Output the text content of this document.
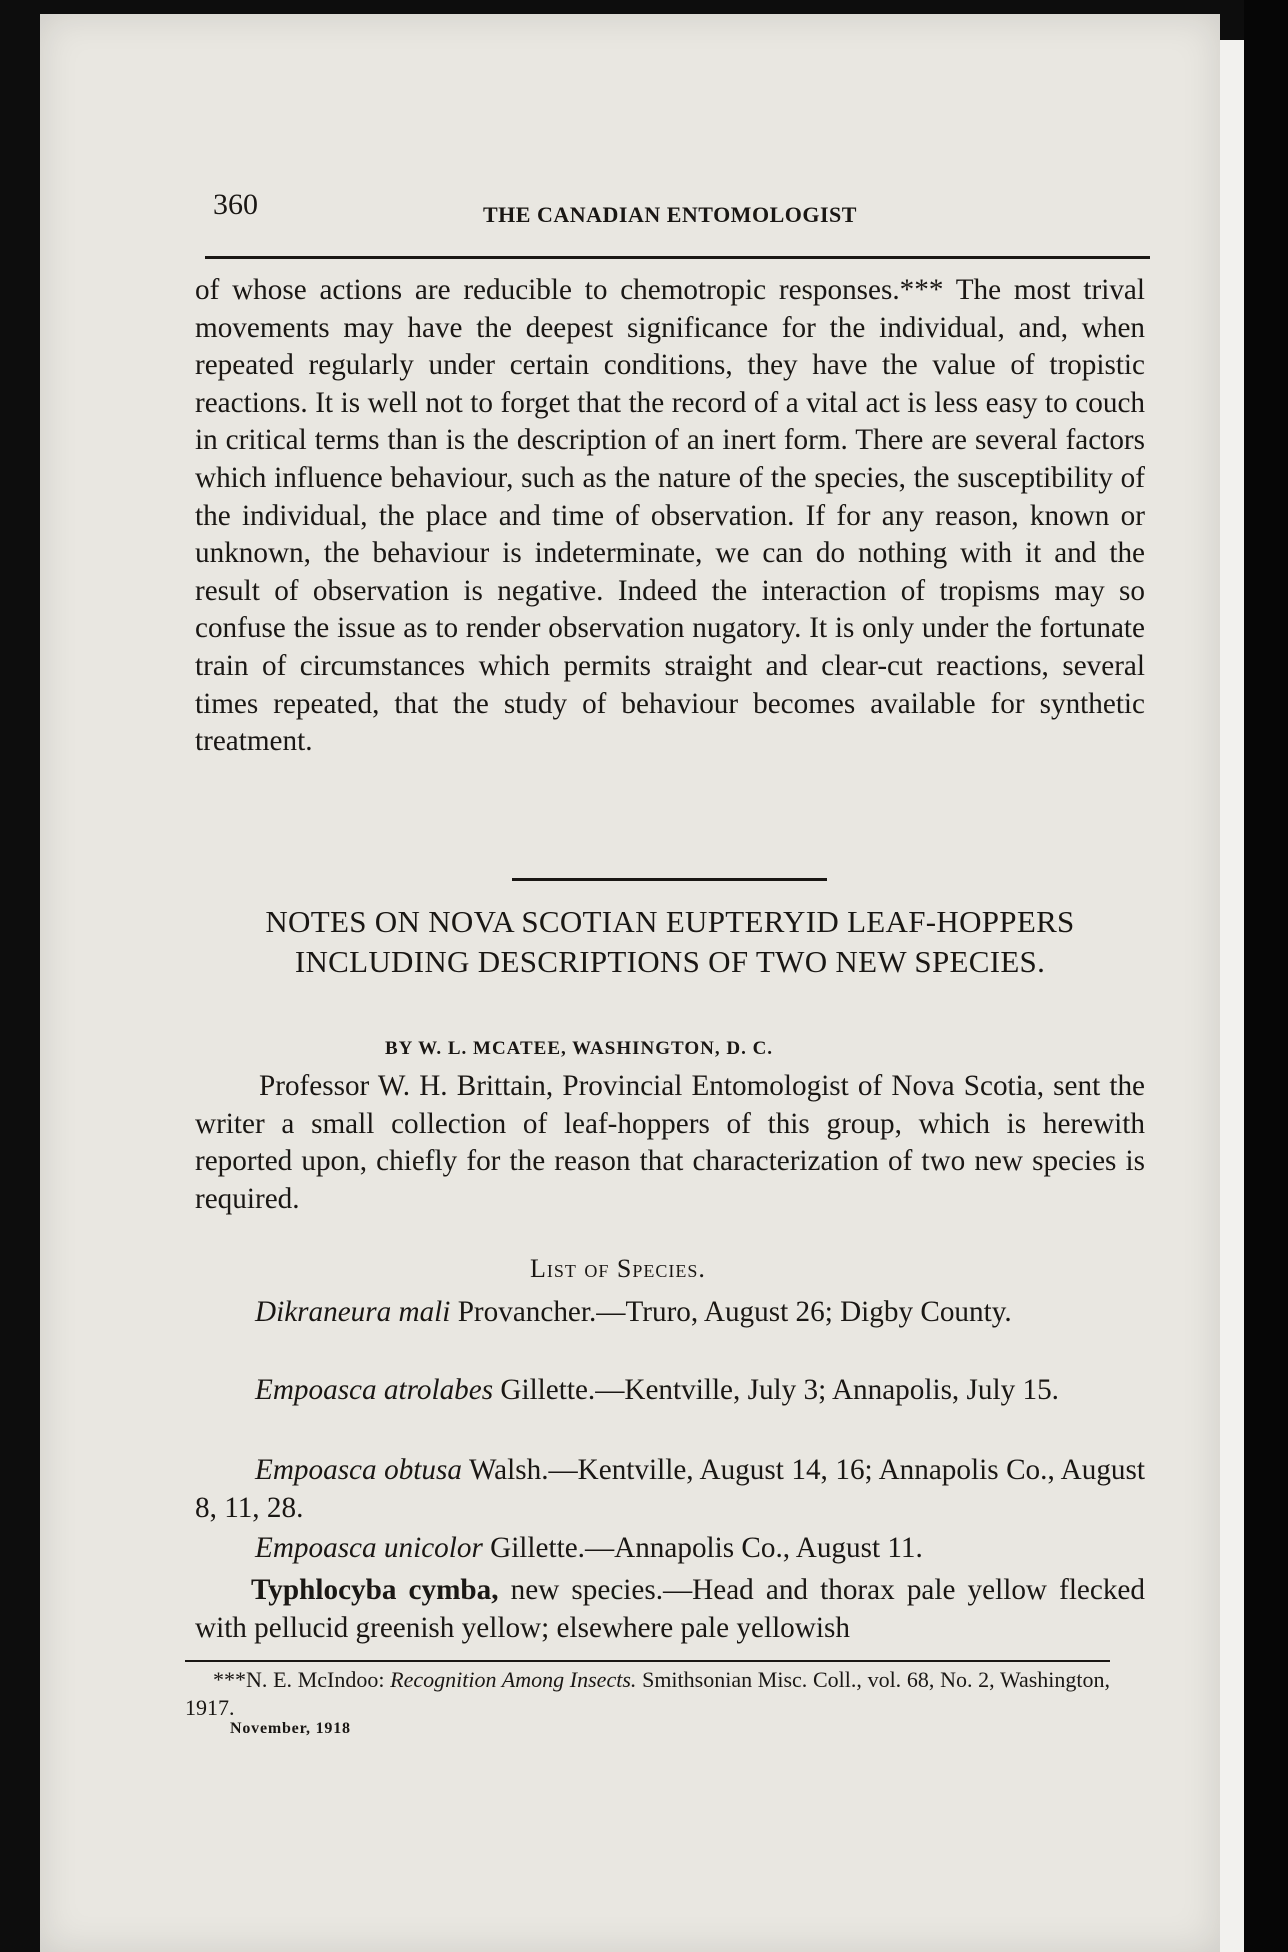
360	THE CANADIAN ENTOMOLOGIST

of whose actions are reducible to chemotropic responses.*** The most trival movements may have the deepest significance for the individual, and, when repeated regularly under certain conditions, they have the value of tropistic reactions. It is well not to forget that the record of a vital act is less easy to couch in critical terms than is the description of an inert form. There are several factors which influence behaviour, such as the nature of the species, the susceptibility of the individual, the place and time of observation. If for any reason, known or unknown, the behaviour is indeterminate, we can do nothing with it and the result of observation is negative. Indeed the interaction of tropisms may so confuse the issue as to render observation nugatory. It is only under the fortunate train of circumstances which permits straight and clear-cut reactions, several times repeated, that the study of behaviour becomes available for synthetic treatment.

NOTES ON NOVA SCOTIAN EUPTERYID LEAF-HOPPERS INCLUDING DESCRIPTIONS OF TWO NEW SPECIES.

BY W. L. MCATEE, WASHINGTON, D. C.

Professor W. H. Brittain, Provincial Entomologist of Nova Scotia, sent the writer a small collection of leaf-hoppers of this group, which is herewith reported upon, chiefly for the reason that characterization of two new species is required.

List of Species.

Dikraneura mali Provancher.—Truro, August 26; Digby County.

Empoasca atrolabes Gillette.—Kentville, July 3; Annapolis, July 15.

Empoasca obtusa Walsh.—Kentville, August 14, 16; Annapolis Co., August 8, 11, 28.

Empoasca unicolor Gillette.—Annapolis Co., August 11.

Typhlocyba cymba, new species.—Head and thorax pale yellow flecked with pellucid greenish yellow; elsewhere pale yellowish

***N. E. McIndoo: Recognition Among Insects. Smithsonian Misc. Coll., vol. 68, No. 2, Washington, 1917.

November, 1918
